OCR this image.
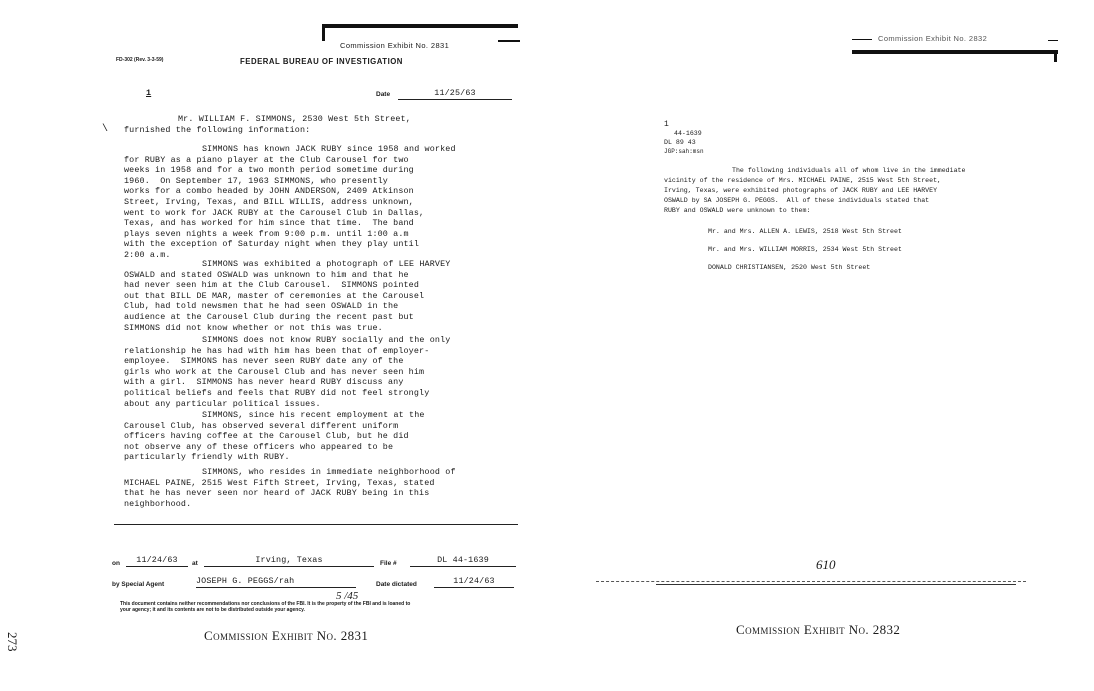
Commission Exhibit No. 2831
FD-302 (Rev. 3-3-59)	FEDERAL BUREAU OF INVESTIGATION
1	Date	11/25/63
\
Mr. WILLIAM F. SIMMONS, 2530 West 5th Street,
furnished the following information:
SIMMONS has known JACK RUBY since 1958 and worked
for RUBY as a piano player at the Club Carousel for two
weeks in 1958 and for a two month period sometime during
1960.  On September 17, 1963 SIMMONS, who presently
works for a combo headed by JOHN ANDERSON, 2409 Atkinson
Street, Irving, Texas, and BILL WILLIS, address unknown,
went to work for JACK RUBY at the Carousel Club in Dallas,
Texas, and has worked for him since that time.  The band
plays seven nights a week from 9:00 p.m. until 1:00 a.m
with the exception of Saturday night when they play until
2:00 a.m.
SIMMONS was exhibited a photograph of LEE HARVEY
OSWALD and stated OSWALD was unknown to him and that he
had never seen him at the Club Carousel.  SIMMONS pointed
out that BILL DE MAR, master of ceremonies at the Carousel
Club, had told newsmen that he had seen OSWALD in the
audience at the Carousel Club during the recent past but
SIMMONS did not know whether or not this was true.
SIMMONS does not know RUBY socially and the only
relationship he has had with him has been that of employer-
employee.  SIMMONS has never seen RUBY date any of the
girls who work at the Carousel Club and has never seen him
with a girl.  SIMMONS has never heard RUBY discuss any
political beliefs and feels that RUBY did not feel strongly
about any particular political issues.
SIMMONS, since his recent employment at the
Carousel Club, has observed several different uniform
officers having coffee at the Carousel Club, but he did
not observe any of these officers who appeared to be
particularly friendly with RUBY.
SIMMONS, who resides in immediate neighborhood of
MICHAEL PAINE, 2515 West Fifth Street, Irving, Texas, stated
that he has never seen nor heard of JACK RUBY being in this
neighborhood.
on	11/24/63	at	Irving, Texas	File #	DL 44-1639
by Special Agent	JOSEPH G. PEGGS/rah	Date dictated	11/24/63
5 /45
This document contains neither recommendations nor conclusions of the FBI. It is the property of the FBI and is loaned to
your agency; it and its contents are not to be distributed outside your agency.
Commission Exhibit No. 2831
273
Commission Exhibit No. 2832
1
44-1639
DL 89 43
JGP:sah:msn
The following individuals all of whom live in the immediate
vicinity of the residence of Mrs. MICHAEL PAINE, 2515 West 5th Street,
Irving, Texas, were exhibited photographs of JACK RUBY and LEE HARVEY
OSWALD by SA JOSEPH G. PEGGS.  All of these individuals stated that
RUBY and OSWALD were unknown to them:
Mr. and Mrs. ALLEN A. LEWIS, 2518 West 5th Street
Mr. and Mrs. WILLIAM MORRIS, 2534 West 5th Street
DONALD CHRISTIANSEN, 2520 West 5th Street
610
Commission Exhibit No. 2832
